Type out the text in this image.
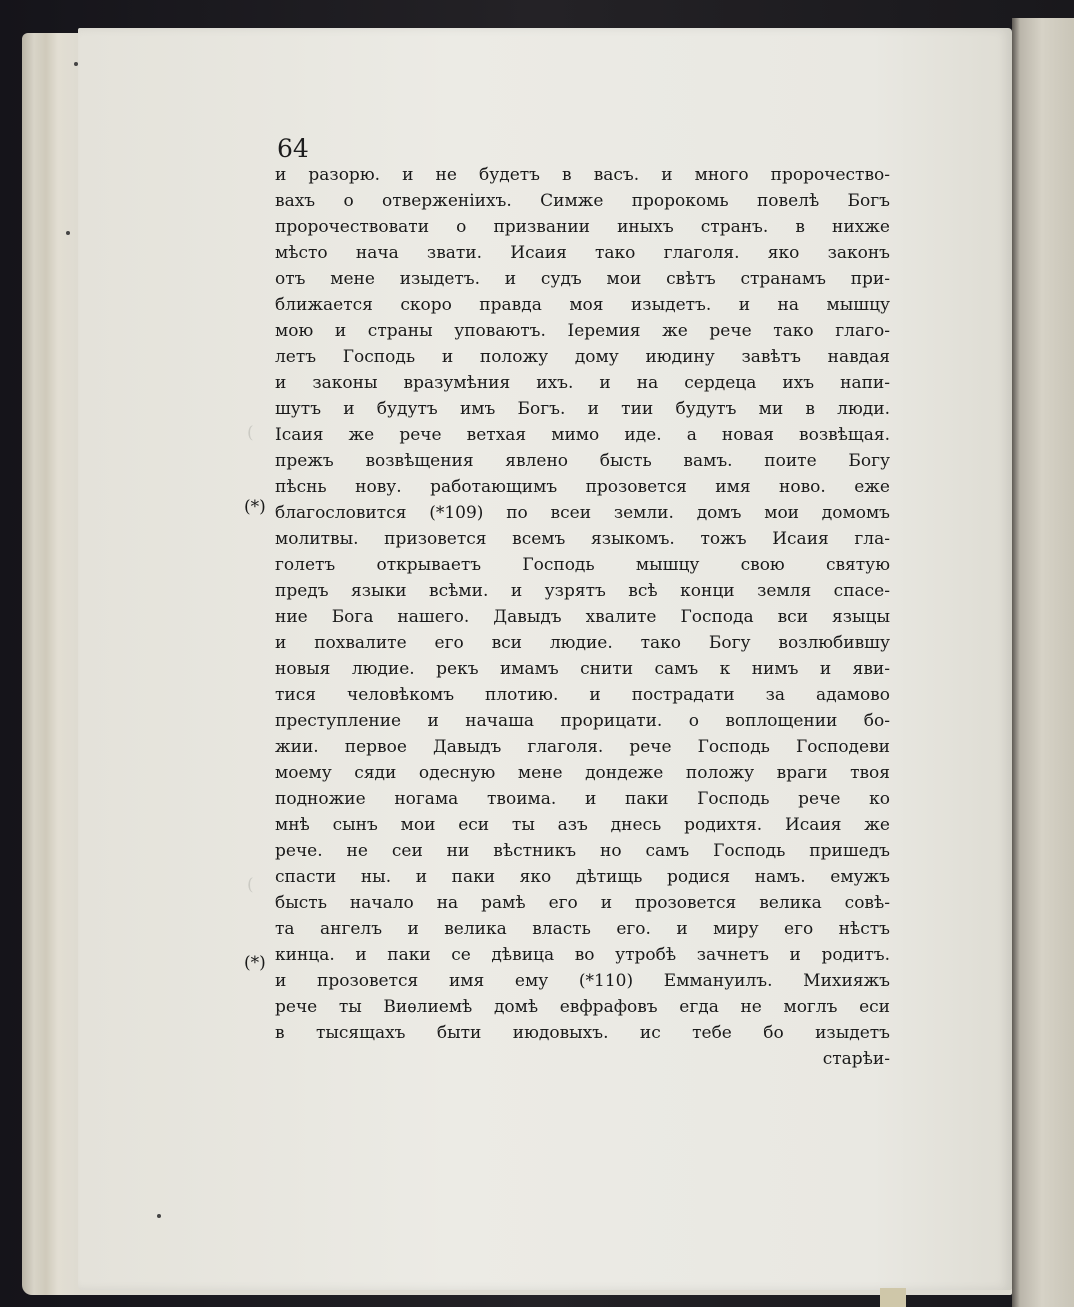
(
(
64
(*)
(*)
и разорю. и не будетъ в васъ. и много пророчество-
вахъ о отверженiихъ. Симже пророкомь повелѣ Богъ
пророчествовати о призвании иныхъ странъ. в нихже
мѣсто нача звати. Исаия тако глаголя. яко законъ
отъ мене изыдетъ. и судъ мои свѣтъ странамъ при-
ближается скоро правда моя изыдетъ. и на мышцу
мою и страны уповаютъ. Iеремия же рече тако глаго-
летъ Господь и положу дому июдину завѣтъ навдая
и законы вразумѣния ихъ. и на сердеца ихъ напи-
шутъ и будутъ имъ Богъ. и тии будутъ ми в люди.
Iсаия же рече ветхая мимо иде. а новая возвѣщая.
прежъ возвѣщения явлено бысть вамъ. поите Богу
пѣснь нову. работающимъ прозовется имя ново. еже
благословится (*109) по всеи земли. домъ мои домомъ
молитвы. призовется всемъ языкомъ. тожъ Исаия гла-
голетъ открываетъ Господь мышцу свою святую
предъ языки всѣми. и узрятъ всѣ конци земля спасе-
ние Бога нашего. Давыдъ хвалите Господа вси языцы
и похвалите его вси людие. тако Богу возлюбившу
новыя людие. рекъ имамъ снити самъ к нимъ и яви-
тися человѣкомъ плотию. и пострадати за адамово
преступление и начаша прорицати. о воплощении бо-
жии. первое Давыдъ глаголя. рече Господь Господеви
моему сяди одесную мене дондеже положу враги твоя
подножие ногама твоима. и паки Господь рече ко
мнѣ сынъ мои еси ты азъ днесь родихтя. Исаия же
рече. не сеи ни вѣстникъ но самъ Господь пришедъ
спасти ны. и паки яко дѣтищь родися намъ. емужъ
бысть начало на рамѣ его и прозовется велика совѣ-
та ангелъ и велика власть его. и миру его нѣстъ
кинца. и паки се дѣвица во утробѣ зачнетъ и родитъ.
и прозовется имя ему (*110) Еммануилъ. Михияжъ
рече ты Виѳлиемѣ домѣ евфрафовъ егда не моглъ еси
в тысящахъ быти июдовыхъ. ис тебе бо изыдетъ
старѣи-
